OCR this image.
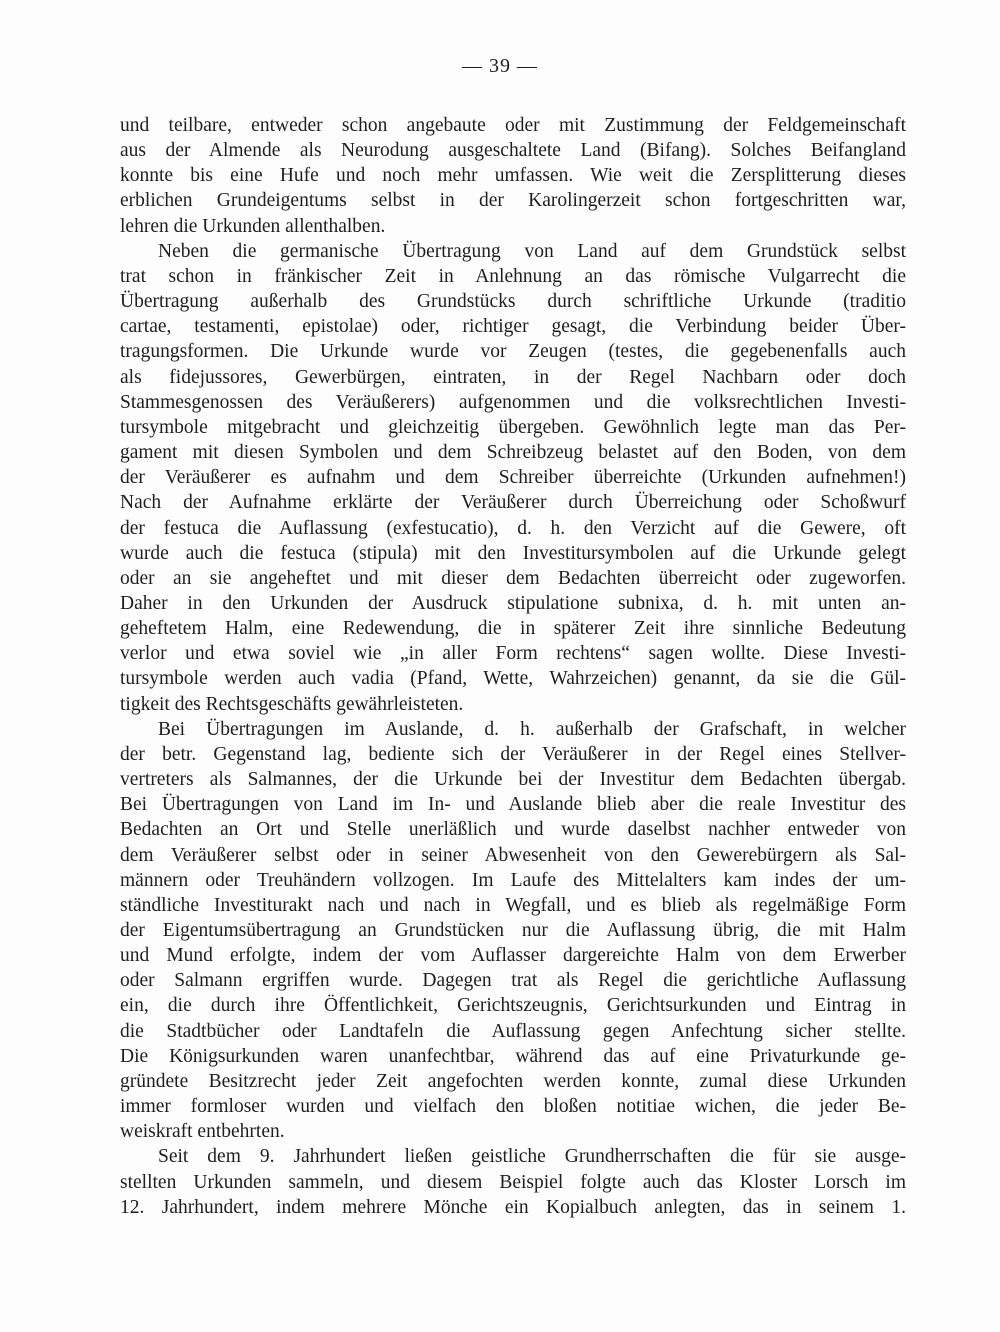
— 39 —
und teilbare, entweder schon angebaute oder mit Zustimmung der Feldgemeinschaft
aus der Almende als Neurodung ausgeschaltete Land (Bifang). Solches Beifangland
konnte bis eine Hufe und noch mehr umfassen. Wie weit die Zersplitterung dieses
erblichen Grundeigentums selbst in der Karolingerzeit schon fortgeschritten war,
lehren die Urkunden allenthalben.
Neben die germanische Übertragung von Land auf dem Grundstück selbst
trat schon in fränkischer Zeit in Anlehnung an das römische Vulgarrecht die
Übertragung außerhalb des Grundstücks durch schriftliche Urkunde (traditio
cartae, testamenti, epistolae) oder, richtiger gesagt, die Verbindung beider Über-
tragungsformen. Die Urkunde wurde vor Zeugen (testes, die gegebenenfalls auch
als fidejussores, Gewerbürgen, eintraten, in der Regel Nachbarn oder doch
Stammesgenossen des Veräußerers) aufgenommen und die volksrechtlichen Investi-
tursymbole mitgebracht und gleichzeitig übergeben. Gewöhnlich legte man das Per-
gament mit diesen Symbolen und dem Schreibzeug belastet auf den Boden, von dem
der Veräußerer es aufnahm und dem Schreiber überreichte (Urkunden aufnehmen!)
Nach der Aufnahme erklärte der Veräußerer durch Überreichung oder Schoßwurf
der festuca die Auflassung (exfestucatio), d. h. den Verzicht auf die Gewere, oft
wurde auch die festuca (stipula) mit den Investitursymbolen auf die Urkunde gelegt
oder an sie angeheftet und mit dieser dem Bedachten überreicht oder zugeworfen.
Daher in den Urkunden der Ausdruck stipulatione subnixa, d. h. mit unten an-
geheftetem Halm, eine Redewendung, die in späterer Zeit ihre sinnliche Bedeutung
verlor und etwa soviel wie „in aller Form rechtens“ sagen wollte. Diese Investi-
tursymbole werden auch vadia (Pfand, Wette, Wahrzeichen) genannt, da sie die Gül-
tigkeit des Rechtsgeschäfts gewährleisteten.
Bei Übertragungen im Auslande, d. h. außerhalb der Grafschaft, in welcher
der betr. Gegenstand lag, bediente sich der Veräußerer in der Regel eines Stellver-
vertreters als Salmannes, der die Urkunde bei der Investitur dem Bedachten übergab.
Bei Übertragungen von Land im In- und Auslande blieb aber die reale Investitur des
Bedachten an Ort und Stelle unerläßlich und wurde daselbst nachher entweder von
dem Veräußerer selbst oder in seiner Abwesenheit von den Gewerebürgern als Sal-
männern oder Treuhändern vollzogen. Im Laufe des Mittelalters kam indes der um-
ständliche Investiturakt nach und nach in Wegfall, und es blieb als regelmäßige Form
der Eigentumsübertragung an Grundstücken nur die Auflassung übrig, die mit Halm
und Mund erfolgte, indem der vom Auflasser dargereichte Halm von dem Erwerber
oder Salmann ergriffen wurde. Dagegen trat als Regel die gerichtliche Auflassung
ein, die durch ihre Öffentlichkeit, Gerichtszeugnis, Gerichtsurkunden und Eintrag in
die Stadtbücher oder Landtafeln die Auflassung gegen Anfechtung sicher stellte.
Die Königsurkunden waren unanfechtbar, während das auf eine Privaturkunde ge-
gründete Besitzrecht jeder Zeit angefochten werden konnte, zumal diese Urkunden
immer formloser wurden und vielfach den bloßen notitiae wichen, die jeder Be-
weiskraft entbehrten.
Seit dem 9. Jahrhundert ließen geistliche Grundherrschaften die für sie ausge-
stellten Urkunden sammeln, und diesem Beispiel folgte auch das Kloster Lorsch im
12. Jahrhundert, indem mehrere Mönche ein Kopialbuch anlegten, das in seinem 1.
